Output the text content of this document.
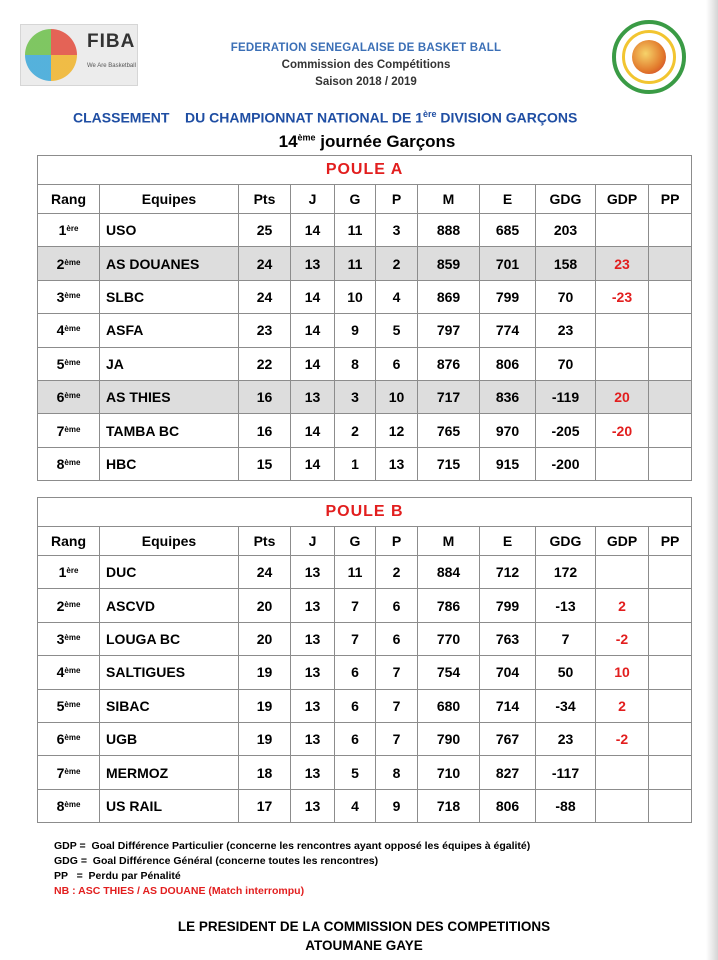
FIBA
We Are Basketball
FEDERATION SENEGALAISE DE BASKET BALL
Commission des Compétitions
Saison 2018 / 2019
CLASSEMENT    DU CHAMPIONNAT NATIONAL DE 1ère DIVISION GARÇONS
14ème journée Garçons
POULE A										
Rang	Equipes	Pts	J	G	P	M	E	GDG	GDP	PP
1ère	USO	25	14	11	3	888	685	203		
2ème	AS DOUANES	24	13	11	2	859	701	158	23	
3ème	SLBC	24	14	10	4	869	799	70	-23	
4ème	ASFA	23	14	9	5	797	774	23		
5ème	JA	22	14	8	6	876	806	70		
6ème	AS THIES	16	13	3	10	717	836	-119	20	
7ème	TAMBA BC	16	14	2	12	765	970	-205	-20	
8ème	HBC	15	14	1	13	715	915	-200		
POULE B										
Rang	Equipes	Pts	J	G	P	M	E	GDG	GDP	PP
1ère	DUC	24	13	11	2	884	712	172		
2ème	ASCVD	20	13	7	6	786	799	-13	2	
3ème	LOUGA BC	20	13	7	6	770	763	7	-2	
4ème	SALTIGUES	19	13	6	7	754	704	50	10	
5ème	SIBAC	19	13	6	7	680	714	-34	2	
6ème	UGB	19	13	6	7	790	767	23	-2	
7ème	MERMOZ	18	13	5	8	710	827	-117		
8ème	US RAIL	17	13	4	9	718	806	-88		
GDP =  Goal Différence Particulier (concerne les rencontres ayant opposé les équipes à égalité)
GDG =  Goal Différence Général (concerne toutes les rencontres)
PP   =  Perdu par Pénalité
NB : ASC THIES / AS DOUANE (Match interrompu)
LE PRESIDENT DE LA COMMISSION DES COMPETITIONS
ATOUMANE GAYE
